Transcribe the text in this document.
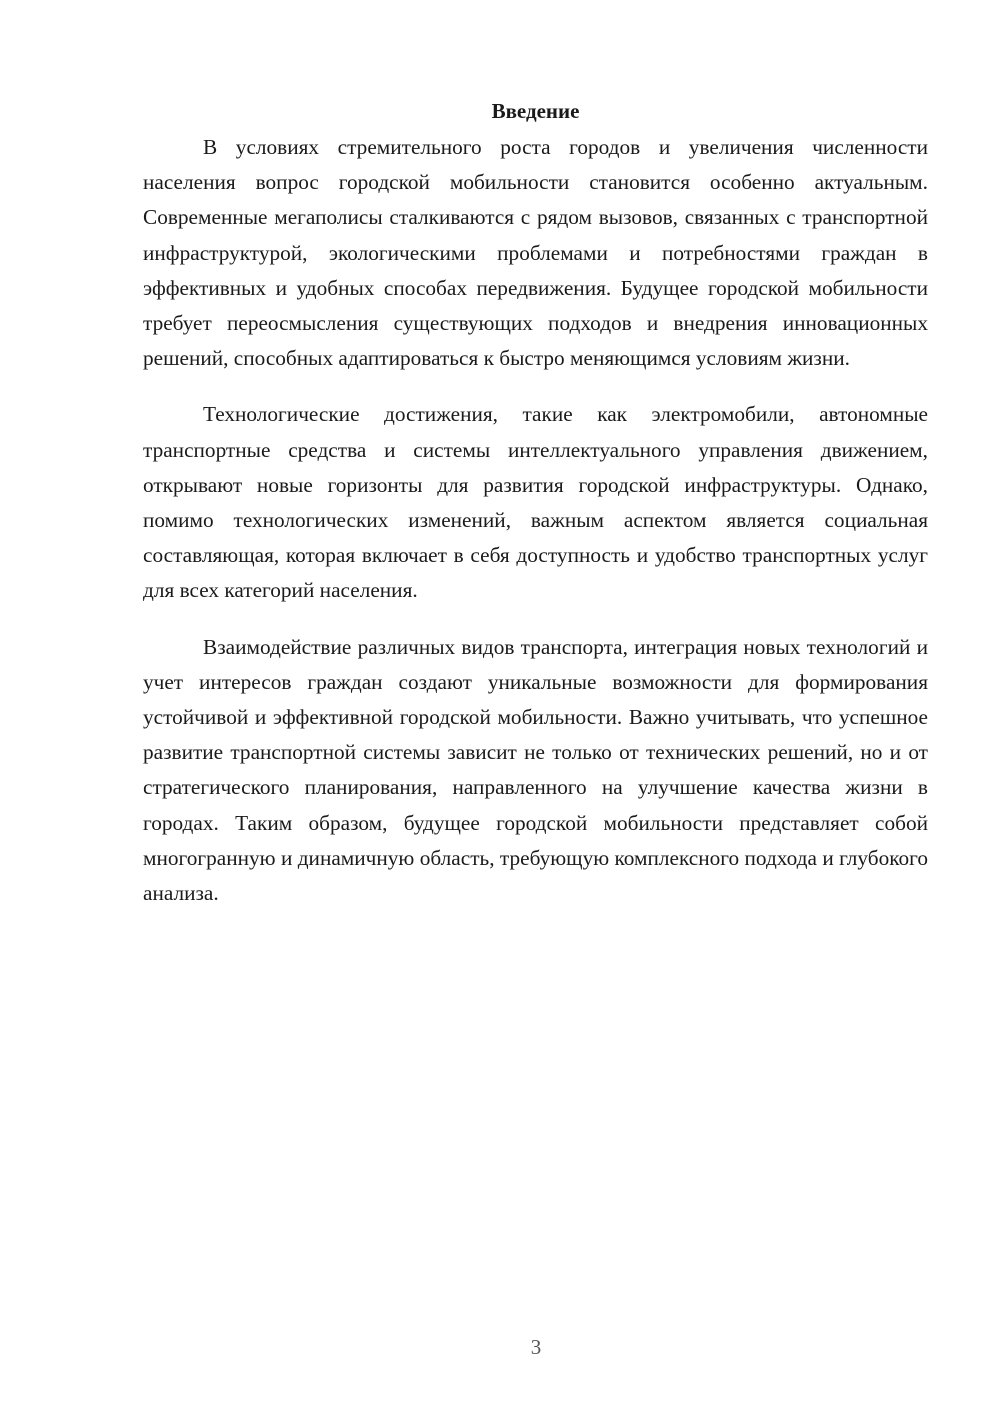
Введение

В условиях стремительного роста городов и увеличения численности населения вопрос городской мобильности становится особенно актуальным. Современные мегаполисы сталкиваются с рядом вызовов, связанных с транспортной инфраструктурой, экологическими проблемами и потребностями граждан в эффективных и удобных способах передвижения. Будущее городской мобильности требует переосмысления существующих подходов и внедрения инновационных решений, способных адаптироваться к быстро меняющимся условиям жизни.

Технологические достижения, такие как электромобили, автономные транспортные средства и системы интеллектуального управления движением, открывают новые горизонты для развития городской инфраструктуры. Однако, помимо технологических изменений, важным аспектом является социальная составляющая, которая включает в себя доступность и удобство транспортных услуг для всех категорий населения.

Взаимодействие различных видов транспорта, интеграция новых технологий и учет интересов граждан создают уникальные возможности для формирования устойчивой и эффективной городской мобильности. Важно учитывать, что успешное развитие транспортной системы зависит не только от технических решений, но и от стратегического планирования, направленного на улучшение качества жизни в городах. Таким образом, будущее городской мобильности представляет собой многогранную и динамичную область, требующую комплексного подхода и глубокого анализа.

3
